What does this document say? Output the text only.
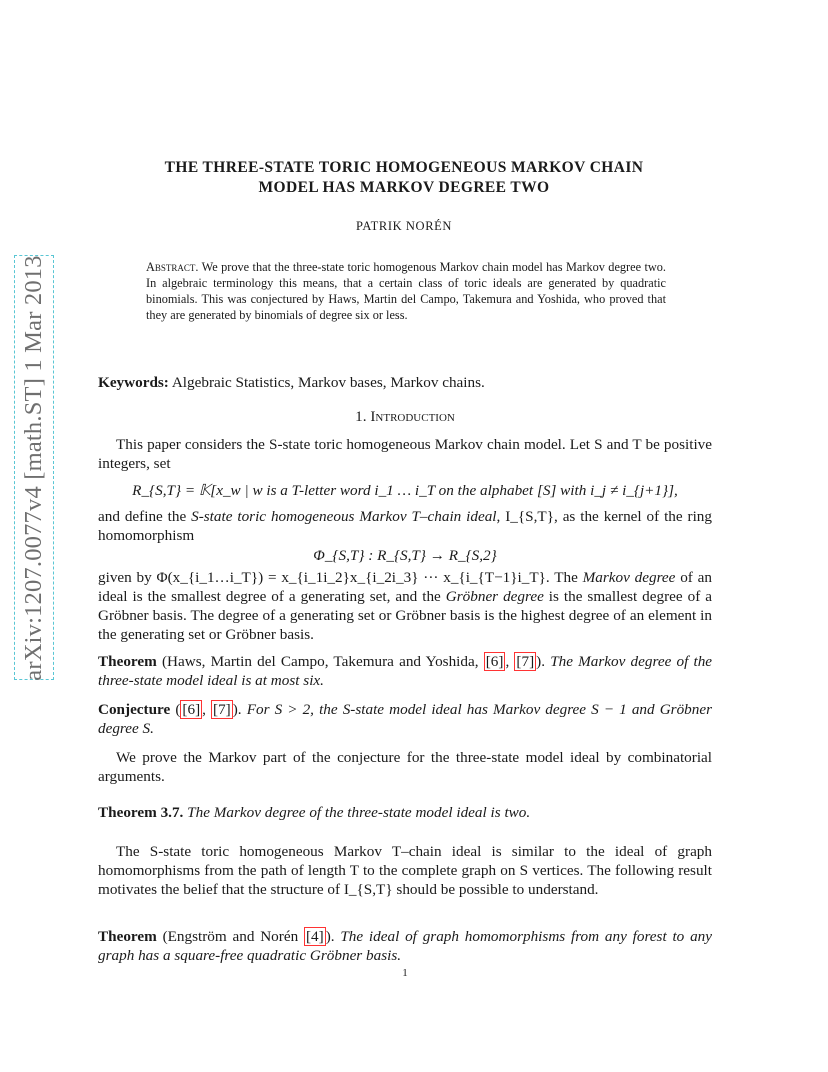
arXiv:1207.0077v4 [math.ST] 1 Mar 2013
THE THREE-STATE TORIC HOMOGENEOUS MARKOV CHAIN
MODEL HAS MARKOV DEGREE TWO
PATRIK NORÉN
Abstract. We prove that the three-state toric homogenous Markov chain model has Markov degree two. In algebraic terminology this means, that a certain class of toric ideals are generated by quadratic binomials. This was conjectured by Haws, Martin del Campo, Takemura and Yoshida, who proved that they are generated by binomials of degree six or less.
Keywords: Algebraic Statistics, Markov bases, Markov chains.
1. Introduction

This paper considers the S-state toric homogeneous Markov chain model. Let S and T be positive integers, set

R_{S,T} = 𝕂[x_w | w is a T-letter word i_1 … i_T on the alphabet [S] with i_j ≠ i_{j+1}],
and define the S-state toric homogeneous Markov T–chain ideal, I_{S,T}, as the kernel of the ring homomorphism
Φ_{S,T} : R_{S,T} → R_{S,2}
given by Φ(x_{i_1…i_T}) = x_{i_1i_2}x_{i_2i_3} ··· x_{i_{T−1}i_T}. The Markov degree of an ideal is the smallest degree of a generating set, and the Gröbner degree is the smallest degree of a Gröbner basis. The degree of a generating set or Gröbner basis is the highest degree of an element in the generating set or Gröbner basis.
Theorem (Haws, Martin del Campo, Takemura and Yoshida, [6] , [7] ). The Markov degree of the three-state model ideal is at most six.
Conjecture ( [6] , [7] ). For S > 2, the S-state model ideal has Markov degree S − 1 and Gröbner degree S.

We prove the Markov part of the conjecture for the three-state model ideal by combinatorial arguments.

Theorem 3.7. The Markov degree of the three-state model ideal is two.

The S-state toric homogeneous Markov T–chain ideal is similar to the ideal of graph homomorphisms from the path of length T to the complete graph on S vertices. The following result motivates the belief that the structure of I_{S,T} should be possible to understand.

Theorem (Engström and Norén [4] ). The ideal of graph homomorphisms from any forest to any graph has a square-free quadratic Gröbner basis.
1
